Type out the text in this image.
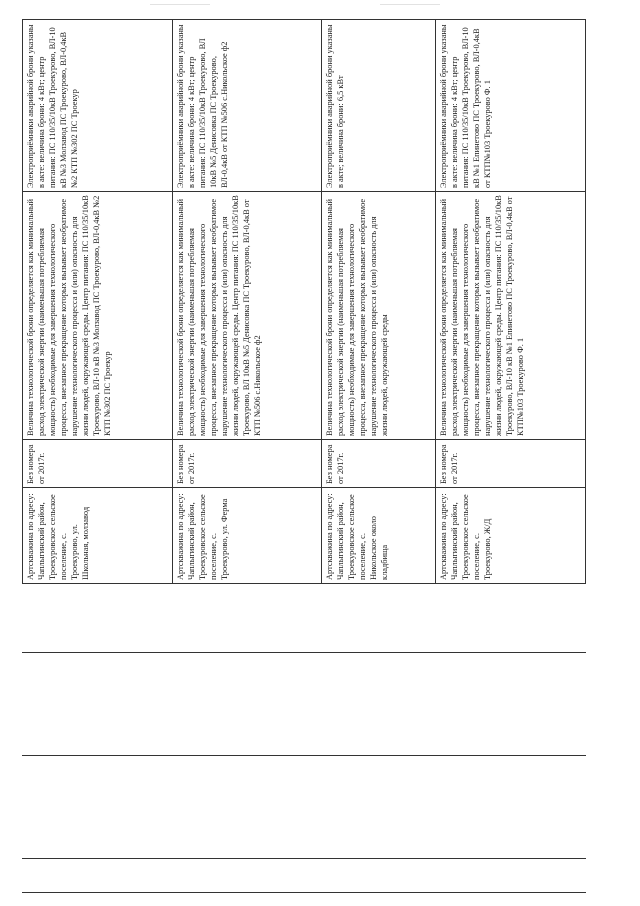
Артскважина по адресу: Чаплыгинский район, Троекуровское сельское поселение, с. Троекурово, ул. Школьная, молзавод	Без номера от 2017г.	Величина технологической брони определяется как минимальный расход электрической энергии (наименьшая потребляемая мощность) необходимые для завершения технологического процесса, внезапное прекращение которых вызывает необратимое нарушение технологического процесса и (или) опасность для жизни людей, окружающей среды. Центр питания: ПС 110/35/10кВ Троекурово, ВЛ-10 кВ №3 Молзавод ПС Троекурово, ВЛ-0,4кВ №2 КТП №302 ПС Троекур	Электроприёмники аварийной брони указаны в акте: величина брони: 4 кВт; центр питания: ПС 110/35/10кВ Троекурово, ВЛ-10 кВ №3 Молзавод ПС Троекурово, ВЛ-0,4кВ №2 КТП №302 ПС Троекур
Артскважина по адресу: Чаплыгинский район, Троекуровское сельское поселение, с. Троекурово, ул. Ферма	Без номера от 2017г.	Величина технологической брони определяется как минимальный расход электрической энергии (наименьшая потребляемая мощность) необходимые для завершения технологического процесса, внезапное прекращение которых вызывает необратимое нарушение технологического процесса и (или) опасность для жизни людей, окружающей среды. Центр питания: ПС 110/35/10кВ Троекурово, ВЛ 10кВ №5 Денисовка ПС Троекурово, ВЛ-0,4кВ от КТП №506 с.Никольское ф2	Электроприёмники аварийной брони указаны в акте: величина брони: 4 кВт; центр питания: ПС 110/35/10кВ Троекурово, ВЛ 10кВ №5 Денисовка ПС Троекурово, ВЛ-0,4кВ от КТП №506 с.Никольское ф2
Артскважина по адресу: Чаплыгинский район, Троекуровское сельское поселение, с. Никольское около кладбища	Без номера от 2017г.	Величина технологической брони определяется как минимальный расход электрической энергии (наименьшая потребляемая мощность) необходимые для завершения технологического процесса, внезапное прекращение которых вызывает необратимое нарушение технологического процесса и (или) опасность для жизни людей, окружающей среды	Электроприёмники аварийной брони указаны в акте; величина брони: 6,5 кВт
Артскважина по адресу: Чаплыгинский район, Троекуровское сельское поселение, с. Троекурово, Ж/Д	Без номера от 2017г.	Величина технологической брони определяется как минимальный расход электрической энергии (наименьшая потребляемая мощность) необходимые для завершения технологического процесса, внезапное прекращение которых вызывает необратимое нарушение технологического процесса и (или) опасность для жизни людей, окружающей среды. Центр питания: ПС 110/35/10кВ Троекурово, ВЛ-10 кВ №1 Епинетово ПС Троекурово, ВЛ-0,4кВ от КТП№103 Троекурово Ф. 1	Электроприёмники аварийной брони указаны в акте: величина брони: 4 кВт; центр питания: ПС 110/35/10кВ Троекурово, ВЛ-10 кВ №1 Епинетово ПС Троекурово, ВЛ-0,4кВ от КТП№103 Троекурово Ф. 1
